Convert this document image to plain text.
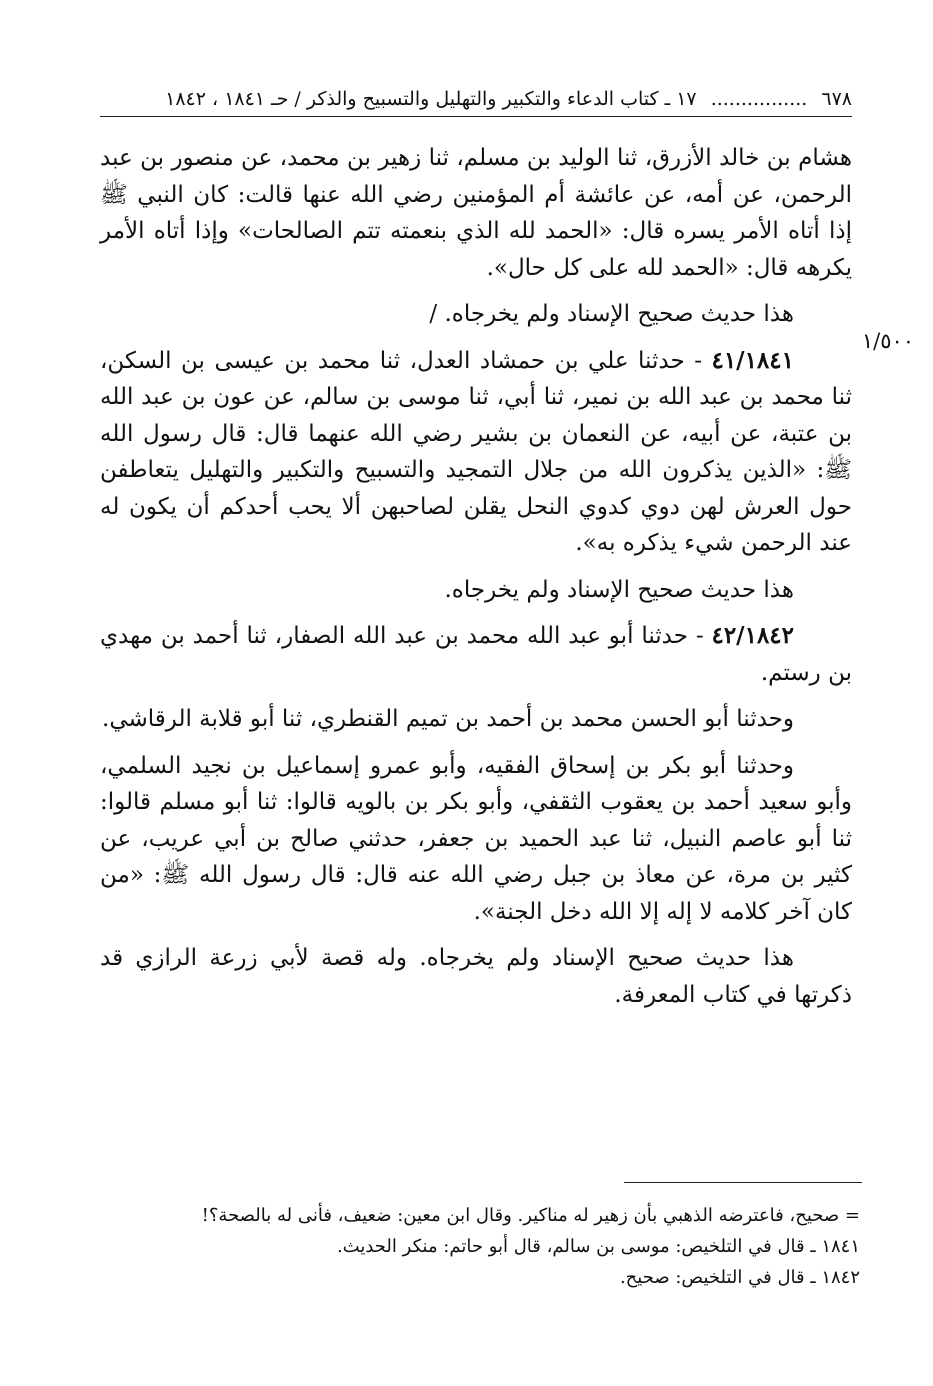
٦٧٨ ................ ١٧ ـ كتاب الدعاء والتكبير والتهليل والتسبيح والذكر / حـ ١٨٤١ ، ١٨٤٢
١/٥٠٠

هشام بن خالد الأزرق، ثنا الوليد بن مسلم، ثنا زهير بن محمد، عن منصور بن عبد الرحمن، عن أمه، عن عائشة أم المؤمنين رضي الله عنها قالت: كان النبي ﷺ إذا أتاه الأمر يسره قال: «الحمد لله الذي بنعمته تتم الصالحات» وإذا أتاه الأمر يكرهه قال: «الحمد لله على كل حال».

هذا حديث صحيح الإسناد ولم يخرجاه. /

٤١/١٨٤١ - حدثنا علي بن حمشاد العدل، ثنا محمد بن عيسى بن السكن، ثنا محمد بن عبد الله بن نمير، ثنا أبي، ثنا موسى بن سالم، عن عون بن عبد الله بن عتبة، عن أبيه، عن النعمان بن بشير رضي الله عنهما قال: قال رسول الله ﷺ: «الذين يذكرون الله من جلال التمجيد والتسبيح والتكبير والتهليل يتعاطفن حول العرش لهن دوي كدوي النحل يقلن لصاحبهن ألا يحب أحدكم أن يكون له عند الرحمن شيء يذكره به».

هذا حديث صحيح الإسناد ولم يخرجاه.

٤٢/١٨٤٢ - حدثنا أبو عبد الله محمد بن عبد الله الصفار، ثنا أحمد بن مهدي بن رستم.

وحدثنا أبو الحسن محمد بن أحمد بن تميم القنطري، ثنا أبو قلابة الرقاشي.

وحدثنا أبو بكر بن إسحاق الفقيه، وأبو عمرو إسماعيل بن نجيد السلمي، وأبو سعيد أحمد بن يعقوب الثقفي، وأبو بكر بن بالويه قالوا: ثنا أبو مسلم قالوا: ثنا أبو عاصم النبيل، ثنا عبد الحميد بن جعفر، حدثني صالح بن أبي عريب، عن كثير بن مرة، عن معاذ بن جبل رضي الله عنه قال: قال رسول الله ﷺ: «من كان آخر كلامه لا إله إلا الله دخل الجنة».

هذا حديث صحيح الإسناد ولم يخرجاه. وله قصة لأبي زرعة الرازي قد ذكرتها في كتاب المعرفة.

= صحيح، فاعترضه الذهبي بأن زهير له مناكير. وقال ابن معين: ضعيف، فأنى له بالصحة؟!

١٨٤١ ـ قال في التلخيص: موسى بن سالم، قال أبو حاتم: منكر الحديث.

١٨٤٢ ـ قال في التلخيص: صحيح.
